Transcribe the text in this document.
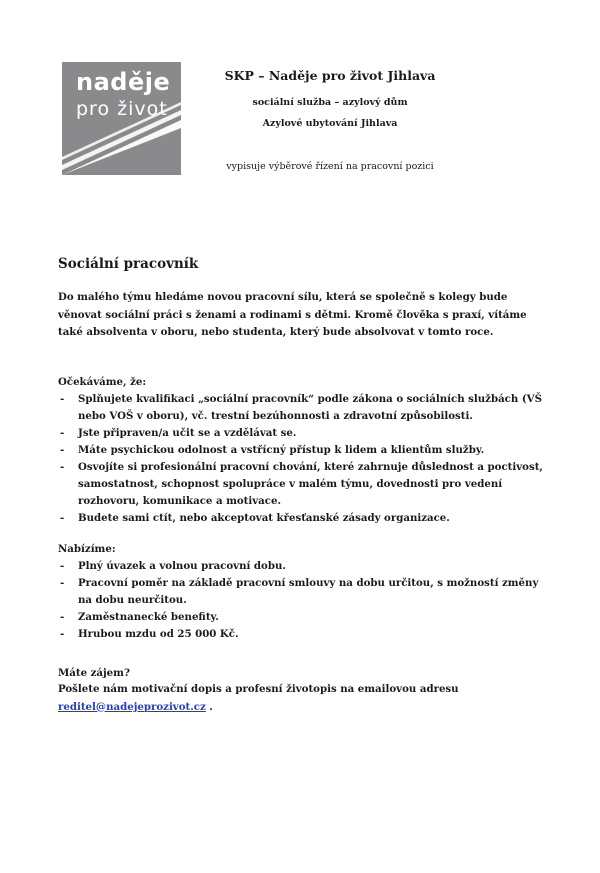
naděje
pro život
SKP – Naděje pro život Jihlava
sociální služba – azylový dům
Azylové ubytování Jihlava
vypisuje výběrové řízení na pracovní pozici
Sociální pracovník
Do malého týmu hledáme novou pracovní sílu, která se společně s kolegy bude věnovat sociální práci s ženami a rodinami s dětmi. Kromě člověka s praxí, vítáme také absolventa v oboru, nebo studenta, který bude absolvovat v tomto roce.
Očekáváme, že:
- Splňujete kvalifikaci „sociální pracovník“ podle zákona o sociálních službách (VŠ nebo VOŠ v oboru), vč. trestní bezúhonnosti a zdravotní způsobilosti.
- Jste připraven/a učit se a vzdělávat se.
- Máte psychickou odolnost a vstřícný přístup k lidem a klientům služby.
- Osvojíte si profesionální pracovní chování, které zahrnuje důslednost a poctivost, samostatnost, schopnost spolupráce v malém týmu, dovednosti pro vedení rozhovoru, komunikace a motivace.
- Budete sami ctít, nebo akceptovat křesťanské zásady organizace.
Nabízíme:
- Plný úvazek a volnou pracovní dobu.
- Pracovní poměr na základě pracovní smlouvy na dobu určitou, s možností změny na dobu neurčitou.
- Zaměstnanecké benefity.
- Hrubou mzdu od 25 000 Kč.
Máte zájem?
Pošlete nám motivační dopis a profesní životopis na emailovou adresu
reditel@nadejeprozivot.cz .
